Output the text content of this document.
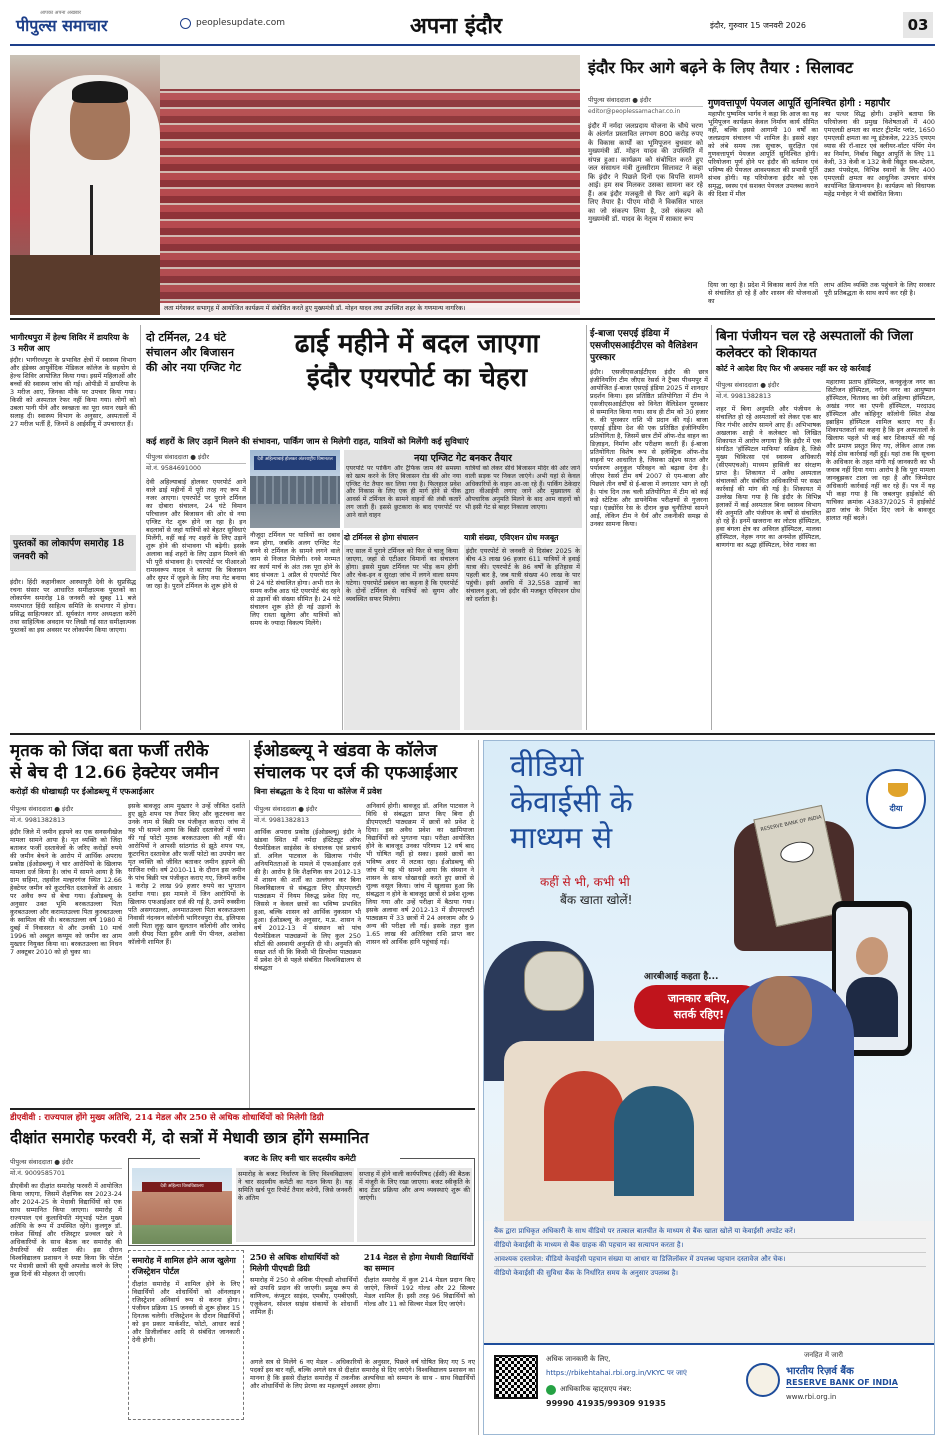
पीपुल्स समाचार
आपका अपना अखबार
peoplesupdate.com	अपना इंदौर	इंदौर, गुरुवार 15 जनवरी 2026	03
लता मंगेशकर सभागृह में आयोजित कार्यक्रम में संबोधित करते हुए मुख्यमंत्री डॉ. मोहन यादव तथा उपस्थित शहर के गणमान्य नागरिक।
इंदौर फिर आगे बढ़ने के लिए तैयार : सिलावट
पीपुल्स संवाददाता ● इंदौर
editor@peoplessamachar.co.in
इंदौर में नर्मदा जलप्रदाय योजना के चौथे चरण के अंतर्गत प्रस्तावित लगभग 800 करोड़ रुपए के विकास कार्यों का भूमिपूजन बुधवार को मुख्यमंत्री डॉ. मोहन यादव की उपस्थिति में संपन्न हुआ। कार्यक्रम को संबोधित करते हुए जल संसाधन मंत्री तुलसीराम सिलावट ने कहा कि इंदौर ने पिछले दिनों एक विपत्ति सामने आई। हम सब मिलकर उसका सामना कर रहे हैं। अब इंदौर मजबूती से फिर आगे बढ़ने के लिए तैयार है। पीएम मोदी ने विकसित भारत का जो संकल्प लिया है, उसे संकल्प को मुख्यमंत्री डॉ. यादव के नेतृत्व में साकार रूप
गुणवत्तापूर्ण पेयजल आपूर्ति सुनिश्चित होगी : महापौर
महापौर पुष्यमित्र भार्गव ने कहा कि आज का यह भूमिपूजन कार्यक्रम केवल निर्माण कार्य सीमित नहीं, बल्कि इससे आगामी 10 वर्षों का जलप्रदाय संचालन भी शामिल है। इससे शहर को लंबे समय तक सुचारू, सुरक्षित एवं गुणवत्तापूर्ण पेयजल आपूर्ति सुनिश्चित होगी। परियोजना पूर्ण होने पर इंदौर की वर्तमान एवं भविष्य की पेयजल आवश्यकता की प्रभावी पूर्ति संभव होगी। यह परियोजना इंदौर को एक समृद्ध, स्वस्थ एवं सशक्त पेयजल उपलब्ध कराने की दिशा में मील
का पत्थर सिद्ध होगी। उन्होंने बताया कि परियोजना की प्रमुख विशेषताओं में 400 एमएलडी क्षमता का वाटर ट्रीटमेंट प्लांट, 1650 एमएलडी क्षमता का न्यू इंटेकवेल, 2235 एमएम व्यास की रॉ-वाटर एवं क्लीयर-वॉटर पंपिंग मेन का निर्माण, निर्बाध विद्युत आपूर्ति के लिए 11 केवी, 33 केवी व 132 केवी विद्युत सब-स्टेशन, उन्नत पंपसेट्स, विभिन्न स्थानों के लिए 400 एमएलडी क्षमता का आधुनिक उपचार संयंत्र कार्यान्वित क्रियान्वयन है। कार्यक्रम को विधायक महेंद्र मनोहर ने भी संबोधित किया।
दिया जा रहा है। प्रदेश में विकास कार्य तेज गति से संचालित हो रहे हैं और शासन की योजनाओं का
लाभ अंतिम व्यक्ति तक पहुंचाने के लिए सरकार पूरी प्रतिबद्धता के साथ कार्य कर रही है।
भागीरथपुरा में हेल्थ शिविर में डायरिया के 3 मरीज आए
इंदौर। भागीरथपुरा के प्रभावित क्षेत्रों में स्वास्थ्य विभाग और इंडेक्स आयुर्वेदिक मेडिकल कॉलेज के सहयोग से हेल्थ शिविर आयोजित किया गया। इसमें महिलाओं और बच्चों की स्वास्थ्य जांच की गई। ओपीडी में डायरिया के 3 मरीज आए, जिनका मौके पर उपचार किया गया। किसी को अस्पताल रेफर नहीं किया गया। लोगों को उबला पानी पीने और स्वच्छता का पूरा ध्यान रखने की सलाह दी। स्वास्थ्य विभाग के अनुसार, अस्पतालों में 27 मरीज भर्ती हैं, जिनमें 8 आईसीयू में उपचाररत हैं।
पुस्तकों का लोकार्पण समारोह 18 जनवरी को
इंदौर। हिंदी कहानीकार आस्थापुरी देवी के सुप्रसिद्ध रचना संसार पर आधारित समीक्षात्मक पुस्तकों का लोकार्पण समारोह 18 जनवरी को सुबह 11 बजे मध्यभारत हिंदी साहित्य समिति के सभागार में होगा। प्रसिद्ध साहित्यकार डॉ. सूर्यकांत नागर अध्यक्षता करेंगे तथा साहित्यिक अवदान पर लिखी गई सात समीक्षात्मक पुस्तकों का इस अवसर पर लोकार्पण किया जाएगा।
दो टर्मिनल, 24 घंटे संचालन और बिजासन की ओर नया एग्जिट गेट
ढाई महीने में बदल जाएगा
इंदौर एयरपोर्ट का चेहरा
कई शहरों के लिए उड़ानें मिलने की संभावना, पार्किंग जाम से मिलेगी राहत, यात्रियों को मिलेंगी कई सुविधाएं
पीपुल्स संवाददाता ● इंदौर
मो.नं. 9584691000
देवी अहिल्याबाई होलकर एयरपोर्ट आने वाले ढाई महीनों में पूरी तरह नए रूप में नजर आएगा। एयरपोर्ट पर पुराने टर्मिनल का दोबारा संचालन, 24 घंटे विमान परिचालन और बिजासन की ओर से नया एग्जिट गेट शुरू होने जा रहा है। इन बदलावों से जहां यात्रियों को बेहतर सुविधाएं मिलेंगी, वहीं कई नए शहरों के लिए उड़ानें शुरू होने की संभावना भी बढ़ेगी। इसके अलावा कई शहरों के लिए उड़ान मिलने की भी पूरी संभावना है। एयरपोर्ट पर पीआरओ रामस्वरूप यादव ने बताया कि बिजासन और सुपर में जुड़ने के लिए नया गेट बनाया जा रहा है। पुराने टर्मिनल के शुरू होने से
देवी अहिल्याबाई होलकर अंतरराष्ट्रीय विमानतल	नया एग्जिट गेट बनकर तैयार
एयरपोर्ट पर पार्किंग और ट्रैफिक जाम की समस्या को खत्म करने के लिए बिजासन रोड की ओर नया एग्जिट गेट तैयार कर लिया गया है। फिलहाल प्रवेश और निकास के लिए एक ही मार्ग होने से पीक आवर्स में टर्मिनल के सामने वाहनों की लंबी कतारें लग जाती हैं। इससे छुटकारा के बाद एयरपोर्ट पर आने वाले वाहन
यात्रियों को लेकर सीधे बिजासन मंदिर की ओर जाने वाली सड़क पर निकल जाएंगे। अभी यहां से केवल अधिकारियों के वाहन आ-जा रहे हैं। पार्किंग ठेकेदार द्वारा वीआईपी लगाए जाने और मुख्यालय से औपचारिक अनुमति मिलने के बाद आम वाहनों को भी इसी गेट से बाहर निकाला जाएगा।
नौजूदा टर्मिनल पर यात्रियों का दबाव कम होगा, जबकि अलग एग्जिट गेट बनने से टर्मिनल के सामने लगने वाले जाम से निजात मिलेगी। रनवे मरम्मत का कार्य मार्च के अंत तक पूरा होने के बाद संभवतः 1 अप्रैल से एयरपोर्ट फिर से 24 घंटे संचालित होगा। अभी रात के समय करीब आठ घंटे एयरपोर्ट बंद रहने से उड़ानों की संख्या सीमित है। 24 घंटे संचालन शुरू होते ही नई उड़ानों के लिए रास्ता खुलेगा और यात्रियों को समय के ज्यादा विकल्प मिलेंगे।
दो टर्मिनल से होगा संचालन
नए साल में पुराने टर्मिनल को फिर से चालू किया जाएगा, जहां से एटीआर विमानों का संचालन होगा। इससे मुख्य टर्मिनल पर भीड़ कम होगी और चेक-इन व सुरक्षा जांच में लगने वाला समय घटेगा। एयरपोर्ट प्रबंधन का कहना है कि एयरपोर्ट के दोनों टर्मिनल से यात्रियों को सुगम और व्यवस्थित सफर मिलेगा।
यात्री संख्या, एविएशन ग्रोथ मजबूत
इंदौर एयरपोर्ट से जनवरी से दिसंबर 2025 के बीच 43 लाख 96 हजार 611 यात्रियों ने हवाई यात्रा की। एयरपोर्ट के 86 वर्षों के इतिहास में पहली बार है, जब यात्री संख्या 40 लाख के पार पहुंची। इसी अवधि में 32,558 उड़ानों का संचालन हुआ, जो इंदौर की मजबूत एविएशन ग्रोथ को दर्शाता है।
ई-बाजा एसएई इंडिया में एसजीएसआईटीएस को वैलिडेशन पुरस्कार
इंदौर। एसजीएसआईटीएस इंदौर की छात्र इंजीनियरिंग टीम जीएस रेसर्स ने ट्रैफ्स पीथमपुर में आयोजित ई-बाजा एसएई इंडिया 2025 में शानदार प्रदर्शन किया। इस प्रतिष्ठित प्रतियोगिता में टीम ने एसजीएसआईटीएस को विनेता वैलिडेशन पुरस्कार से सम्मानित किया गया। साथ ही टीम को 30 हजार रु. की पुरस्कार राशि भी प्रदान की गई। बाजा एसएई इंडिया देश की एक प्रतिष्ठित इंजीनियरिंग प्रतियोगिता है, जिसमें छात्र टीमें ऑफ-रोड वाहन का डिज़ाइन, निर्माण और परीक्षण करती हैं। ई-बाजा प्रतियोगिता विशेष रूप से इलेक्ट्रिक ऑफ-रोड वाहनों पर आधारित है, जिसका उद्देश्य सतत और पर्यावरण अनुकूल परिवहन को बढ़ावा देना है। जीएस रेसर्स टीम वर्ष 2007 से एम-बाजा और पिछले तीन वर्षों से ई-बाजा में लगातार भाग ले रही है। पांच दिन तक चली प्रतियोगिता में टीम को कई कड़े स्टेटिक और डायनेमिक परीक्षणों से गुजरना पड़ा। एंड्योरेंस रेस के दौरान कुछ चुनौतियां सामने आईं, लेकिन टीम ने धैर्य और तकनीकी समझ से उनका सामना किया।
बिना पंजीयन चल रहे अस्पतालों की जिला कलेक्टर को शिकायत
कोर्ट ने आदेश दिए फिर भी अफसर नहीं कर रहे कार्रवाई
पीपुल्स संवाददाता ● इंदौर
मो.नं. 9981382813
शहर में बिना अनुमति और पंजीयन के संचालित हो रहे अस्पतालों को लेकर एक बार फिर गंभीर आरोप सामने आए हैं। अभिभाषक अखलाक शाही ने कलेक्टर को लिखित शिकायत में आरोप लगाया है कि इंदौर में एक संगठित 'हॉस्पिटल माफिया' सक्रिय है, जिसे मुख्य चिकित्सा एवं स्वास्थ्य अधिकारी (सीएमएचओ) माध्यम हासिली का संरक्षण प्राप्त है। शिकायत में अवैध अस्पताल संचालकों और संबंधित अधिकारियों पर सख्त कार्रवाई की मांग की गई है। शिकायत में उल्लेख किया गया है कि इंदौर के विभिन्न इलाकों में कई अस्पताल बिना स्वास्थ्य विभाग की अनुमति और पंजीयन के वर्षों से संचालित हो रहे हैं। इनमें खजराना का लोटस हॉस्पिटल, हवा बंगला क्षेत्र का अविरल हॉस्पिटल, मालवा हॉस्पिटल, नेहरू नगर का अनमोल हॉस्पिटल, बाणगंगा का श्रद्धा हॉस्पिटल, रेवेरा नाका का
महाराणा प्रताप हॉस्पिटल, कनकुकुंज नगर का सिटीजन हॉस्पिटल, नगीन नगर का आयुष्मान हॉस्पिटल, चितावद का देवी अहिल्या हॉस्पिटल, अखंड नगर का एपनी हॉस्पिटल, मरदाउद हॉस्पिटल और कोहिनूर कॉलोनी स्थित शेख इब्राहिम हॉस्पिटल शामिल बताए गए हैं। शिकायतकर्ता का कहना है कि इन अस्पतालों के खिलाफ पहले भी कई बार शिकायतें की गई और प्रमाण प्रस्तुत किए गए, लेकिन आज तक कोई ठोस कार्रवाई नहीं हुई। यहां तक कि सूचना के अधिकार के तहत मांगी गई जानकारी का भी जवाब नहीं दिया गया। आरोप है कि पूरा मामला जानबूझकर टाला जा रहा है और जिम्मेदार अधिकारी कार्रवाई नहीं कर रहे हैं। पत्र में यह भी कहा गया है कि जबलपुर हाईकोर्ट की याचिका क्रमांक 43837/2025 में हाईकोर्ट द्वारा जांच के निर्देश दिए जाने के बावजूद हालात नहीं बदले।
मृतक को जिंदा बता फर्जी तरीके
से बेच दी 12.66 हेक्टेयर जमीन
करोड़ों की धोखाधड़ी पर ईओडब्ल्यू में एफआईआर
पीपुल्स संवाददाता ● इंदौर
मो.नं. 9981382813
इंदौर जिले में जमीन हड़पने का एक सनसनीखेज मामला सामने आया है। मृत व्यक्ति को जिंदा बताकर फर्जी दस्तावेजों के जरिए करोड़ों रुपये की जमीन बेचने के आरोप में आर्थिक अपराध प्रकोष्ठ (ईओडब्ल्यू) ने चार आरोपियों के खिलाफ मामला दर्ज किया है। जांच में सामने आया है कि ग्राम सहिमा, तहसील मल्हारगंज स्थित 12.66 हेक्टेयर जमीन को कूटरचित दस्तावेजों के आधार पर अवैध रूप से बेचा गया। ईओडब्ल्यू के अनुसार उक्त भूमि बरकतउल्ला पिता कुरबतउल्ला और करामतउल्ला पिता कुरबतउल्ला के स्वामित्व की थी। बरकतउल्ला वर्ष 1980 में दुबई में निवासरत थे और उनकी 10 मार्च 1996 को अब्दुल कय्यूम को जमीन का आम मुख्तार नियुक्त किया था। बरकतउल्ला का निधन 7 अक्टूबर 2010 को हो चुका था।
इसके बावजूद आम मुख्तार ने उन्हें जीवित दर्शाते हुए झूठे शपथ पत्र तैयार किए और कूटरचना कर उनके नाम से बिक्री पत्र पंजीकृत कराए। जांच में यह भी सामने आया कि बिक्री दस्तावेजों में चस्पा की गई फोटो मृतक बरकतउल्ला की नहीं थी। आरोपियों ने आपसी सांठगांठ से झूठे शपथ पत्र, कूटरचित दस्तावेज और फर्जी फोटो का उपयोग कर मृत व्यक्ति को जीवित बताकर जमीन हड़पने की साजिश रची। वर्ष 2010-11 के दौरान इस जमीन के पांच बिक्री पत्र पंजीकृत कराए गए, जिनमें करीब 1 करोड़ 2 लाख 99 हजार रुपये का भुगतान दर्शाया गया। इस मामले में जिन आरोपियों के खिलाफ एफआईआर दर्ज की गई है, उनमें रुक्सीना पति असगरउल्ला, अनमातउल्ला पिता बरकतउल्ला निवासी नंदनवन कॉलोनी भागिरथपुरा रोड, इलियास अली पिता लुकू खान सुलतान कॉलोनी और जावेद अली सैयद पिता हुसैन अली पेंग पीनल, अशोका कॉलोनी शामिल हैं।
ईओडब्ल्यू ने खंडवा के कॉलेज
संचालक पर दर्ज की एफआईआर
बिना संबद्धता के दे दिया था कॉलेज में प्रवेश
पीपुल्स संवाददाता ● इंदौर
मो.नं. 9981382813
आर्थिक अपराध प्रकोष्ठ (ईओडब्ल्यू) इंदौर ने खंडवा स्थित माँ नर्मदा इंस्टिट्यूट ऑफ पैरामेडिकल साइंसेस के संचालक एवं प्राचार्य डॉ. अनिल पाटवाल के खिलाफ गंभीर अनियमितताओं के मामले में एफआईआर दर्ज की है। आरोप है कि शैक्षणिक सत्र 2012-13 में शासन की शर्तों का उल्लंघन कर बिना विश्वविद्यालय से संबद्धता लिए डीएमएलटी पाठ्यक्रम में नियम विरुद्ध प्रवेश दिए गए, जिससे न केवल छात्रों का भविष्य प्रभावित हुआ, बल्कि शासन को आर्थिक नुकसान भी हुआ। ईओडब्ल्यू के अनुसार, म.प्र. शासन ने वर्ष 2012-13 में संस्थान को पांच पैरामेडिकल पाठ्यक्रमों के लिए कुल 250 सीटों की अस्थायी अनुमति दी थी। अनुमति की सख्त शर्त थी कि किसी भी डिप्लोमा पाठ्यक्रम में प्रवेश देने से पहले संबंधित विश्वविद्यालय से संबद्धता
अनिवार्य होगी। बावजूद डॉ. अनिल पाटवाल ने विधि से संबद्धता प्राप्त किए बिना ही डीएमएलटी पाठ्यक्रम में छात्रों को प्रवेश दे दिया। इस अवैध प्रवेश का खामियाजा विद्यार्थियों को भुगतना पड़ा। परीक्षा आयोजित होने के बावजूद उनका परिणाम 12 वर्ष बाद भी घोषित नहीं हो सका। इससे छात्रों का भविष्य अधर में लटका रहा। ईओडब्ल्यू की जांच में यह भी सामने आया कि संस्थान ने शासन के साथ धोखाधड़ी करते हुए छात्रों से शुल्क वसूल किया। जांच में खुलासा हुआ कि संबद्धता न होने के बावजूद छात्रों से प्रवेश शुल्क लिया गया और उन्हें परीक्षा में बैठाया गया। इसके अलावा वर्ष 2012-13 में डीएमएलटी पाठ्यक्रम में 33 छात्रों में 24 अनजाम और 9 अन्य की परीक्षा ली गई। इसके तहत कुल 1.65 लाख की अतिरिक्त राशि प्राप्त कर शासन को आर्थिक हानि पहुंचाई गई।
डीएवीवी : राज्यपाल होंगे मुख्य अतिथि, 214 मेडल और 250 से अधिक शोधार्थियों को मिलेगी डिग्री
दीक्षांत समारोह फरवरी में, दो सत्रों में मेधावी छात्र होंगे सम्मानित
पीपुल्स संवाददाता ● इंदौर
मो.नं. 9009585701
डीएवीवी का दीक्षांत समारोह फरवरी में आयोजित किया जाएगा, जिसमें शैक्षणिक सत्र 2023-24 और 2024-25 के मेधावी विद्यार्थियों को एक साथ सम्मानित किया जाएगा। समारोह में राज्यपाल एवं कुलाधिपति मंगूभाई पटेल मुख्य अतिथि के रूप में उपस्थित रहेंगे। कुलगुरु डॉ. राकेश सिंघई और रजिस्ट्रार प्रज्वल खरे ने अधिकारियों के साथ बैठक कर समारोह की तैयारियों की समीक्षा की। इस दौरान विश्वविद्यालय प्रशासन ने स्पष्ट किया कि पोर्टल पर मेधावी छात्रों की सूची अपलोड करने के लिए कुछ दिनों की मोहलत दी जाएगी।
बजट के लिए बनी चार सदस्यीय कमेटी
देवी अहिल्या विश्वविद्यालय
समारोह के बजट निर्धारण के लिए विश्वविद्यालय ने चार सदस्यीय कमेटी का गठन किया है। यह समिति खर्च पूरा रिपोर्ट तैयार करेगी, जिसे जनवरी के अंतिम
सप्ताह में होने वाली कार्यपरिषद (ईसी) की बैठक में मंजूरी के लिए रखा जाएगा। बजट स्वीकृति के बाद टेंडर प्रक्रिया और अन्य व्यवस्थाएं शुरू की जाएंगी।
समारोह में शामिल होने आज खुलेगा रजिस्ट्रेशन पोर्टल
दीक्षांत समारोह में शामिल होने के लिए विद्यार्थियों और शोधार्थियों को ऑनलाइन रजिस्ट्रेशन अनिवार्य रूप से करना होगा। पंजीयन प्रक्रिया 15 जनवरी से शुरू होकर 15 दिनतक चलेगी। रजिस्ट्रेशन के दौरान विद्यार्थियों को इन प्रकार मार्कशीट, फोटो, आधार कार्ड और डिजीलॉकर आदि से संबंधित जानकारी देनी होगी।
250 से अधिक शोधार्थियों को मिलेगी पीएचडी डिग्री
समारोह में 250 से अधिक पीएचडी शोधार्थियों को उपाधि प्रदान की जाएगी। प्रमुख रूप से वाणिज्य, कंप्यूटर साइंस, एमबीए, एमबीएसी, एजुकेशन, सोशल साइंस संकायों के शोधार्थी शामिल हैं।
214 मेडल से होगा मेधावी विद्यार्थियों का सम्मान
दीक्षांत समारोह में कुल 214 मेडल प्रदान किए जाएंगे, जिनमें 192 गोल्ड और 22 सिल्वर मेडल शामिल हैं। इसी तरह 96 विद्यार्थियों को गोल्ड और 11 को सिल्वर मेडल दिए जाएंगे।
अगले सत्र से मिलेंगे 6 नए मेडल - अधिकारियों के अनुसार, पिछले वर्ष घोषित किए गए 5 नए पदकों इस बार नहीं, बल्कि अगले सत्र से दीक्षांत समारोह से दिए जाएंगे। विश्वविद्यालय प्रशासन का मानना है कि इससे दीक्षांत समारोह में तकनीक अल्पविधा को सम्मान के साथ - साथ विद्यार्थियों और शोधार्थियों के लिए प्रेरणा का महत्वपूर्ण अवसर होगा।
वीडियो
केवाईसी के
माध्यम से
कहीं से भी, कभी भी
बैंक खाता खोलें!
दीया
RESERVE BANK OF INDIA
आरबीआई कहता है...
जानकार बनिए,
सतर्क रहिए!
बैंक द्वारा प्राधिकृत अधिकारी के साथ वीडियो पर तत्काल बातचीत के माध्यम से बैंक खाता खोलें या केवाईसी अपडेट करें।
वीडियो केवाईसी के माध्यम से बैंक ग्राहक की पहचान का सत्यापन करता है।
आवश्यक दस्तावेज: वीडियो केवाईसी पहचान संख्या या आधार या डिजिलॉकर में उपलब्ध पहचान दस्तावेज और चेक।
वीडियो केवाईसी की सुविधा बैंक के निर्धारित समय के अनुसार उपलब्ध है।
अधिक जानकारी के लिए,
https://rbikehtahai.rbi.org.in/VKYC पर जाएं
आधिकारिक व्हाट्सएप नंबर:
99990 41935/99309 91935
जनहित में जारी
भारतीय रिज़र्व बैंक
RESERVE BANK OF INDIA
www.rbi.org.in
